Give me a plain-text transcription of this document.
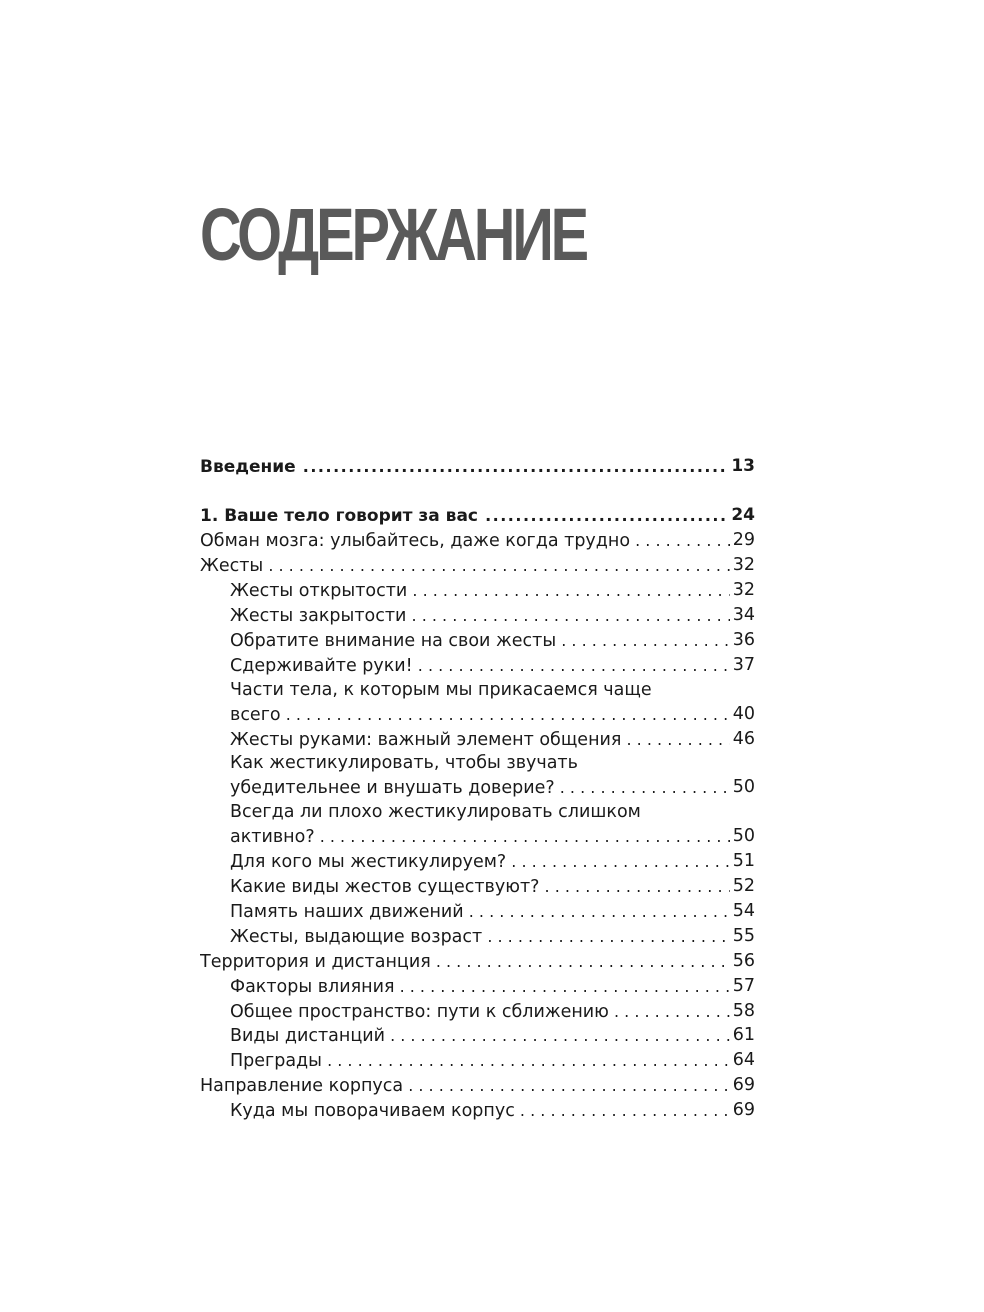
СОДЕРЖАНИЕ
Введение .....	13
1. Ваше тело говорит за вас .....	24
Обман мозга: улыбайтесь, даже когда трудно . . .	29
Жесты . . .	32
Жесты открытости . . .	32
Жесты закрытости . . .	34
Обратите внимание на свои жесты . . .	36
Сдерживайте руки! . . .	37
Части тела, к которым мы прикасаемся чаще
всего . . .	40
Жесты руками: важный элемент общения . . .	46
Как жестикулировать, чтобы звучать
убедительнее и внушать доверие? . . .	50
Всегда ли плохо жестикулировать слишком
активно? . . .	50
Для кого мы жестикулируем? . . .	51
Какие виды жестов существуют? . . .	52
Память наших движений . . .	54
Жесты, выдающие возраст . . .	55
Территория и дистанция . . .	56
Факторы влияния . . .	57
Общее пространство: пути к сближению . . .	58
Виды дистанций . . .	61
Преграды . . .	64
Направление корпуса . . .	69
Куда мы поворачиваем корпус . . .	69
